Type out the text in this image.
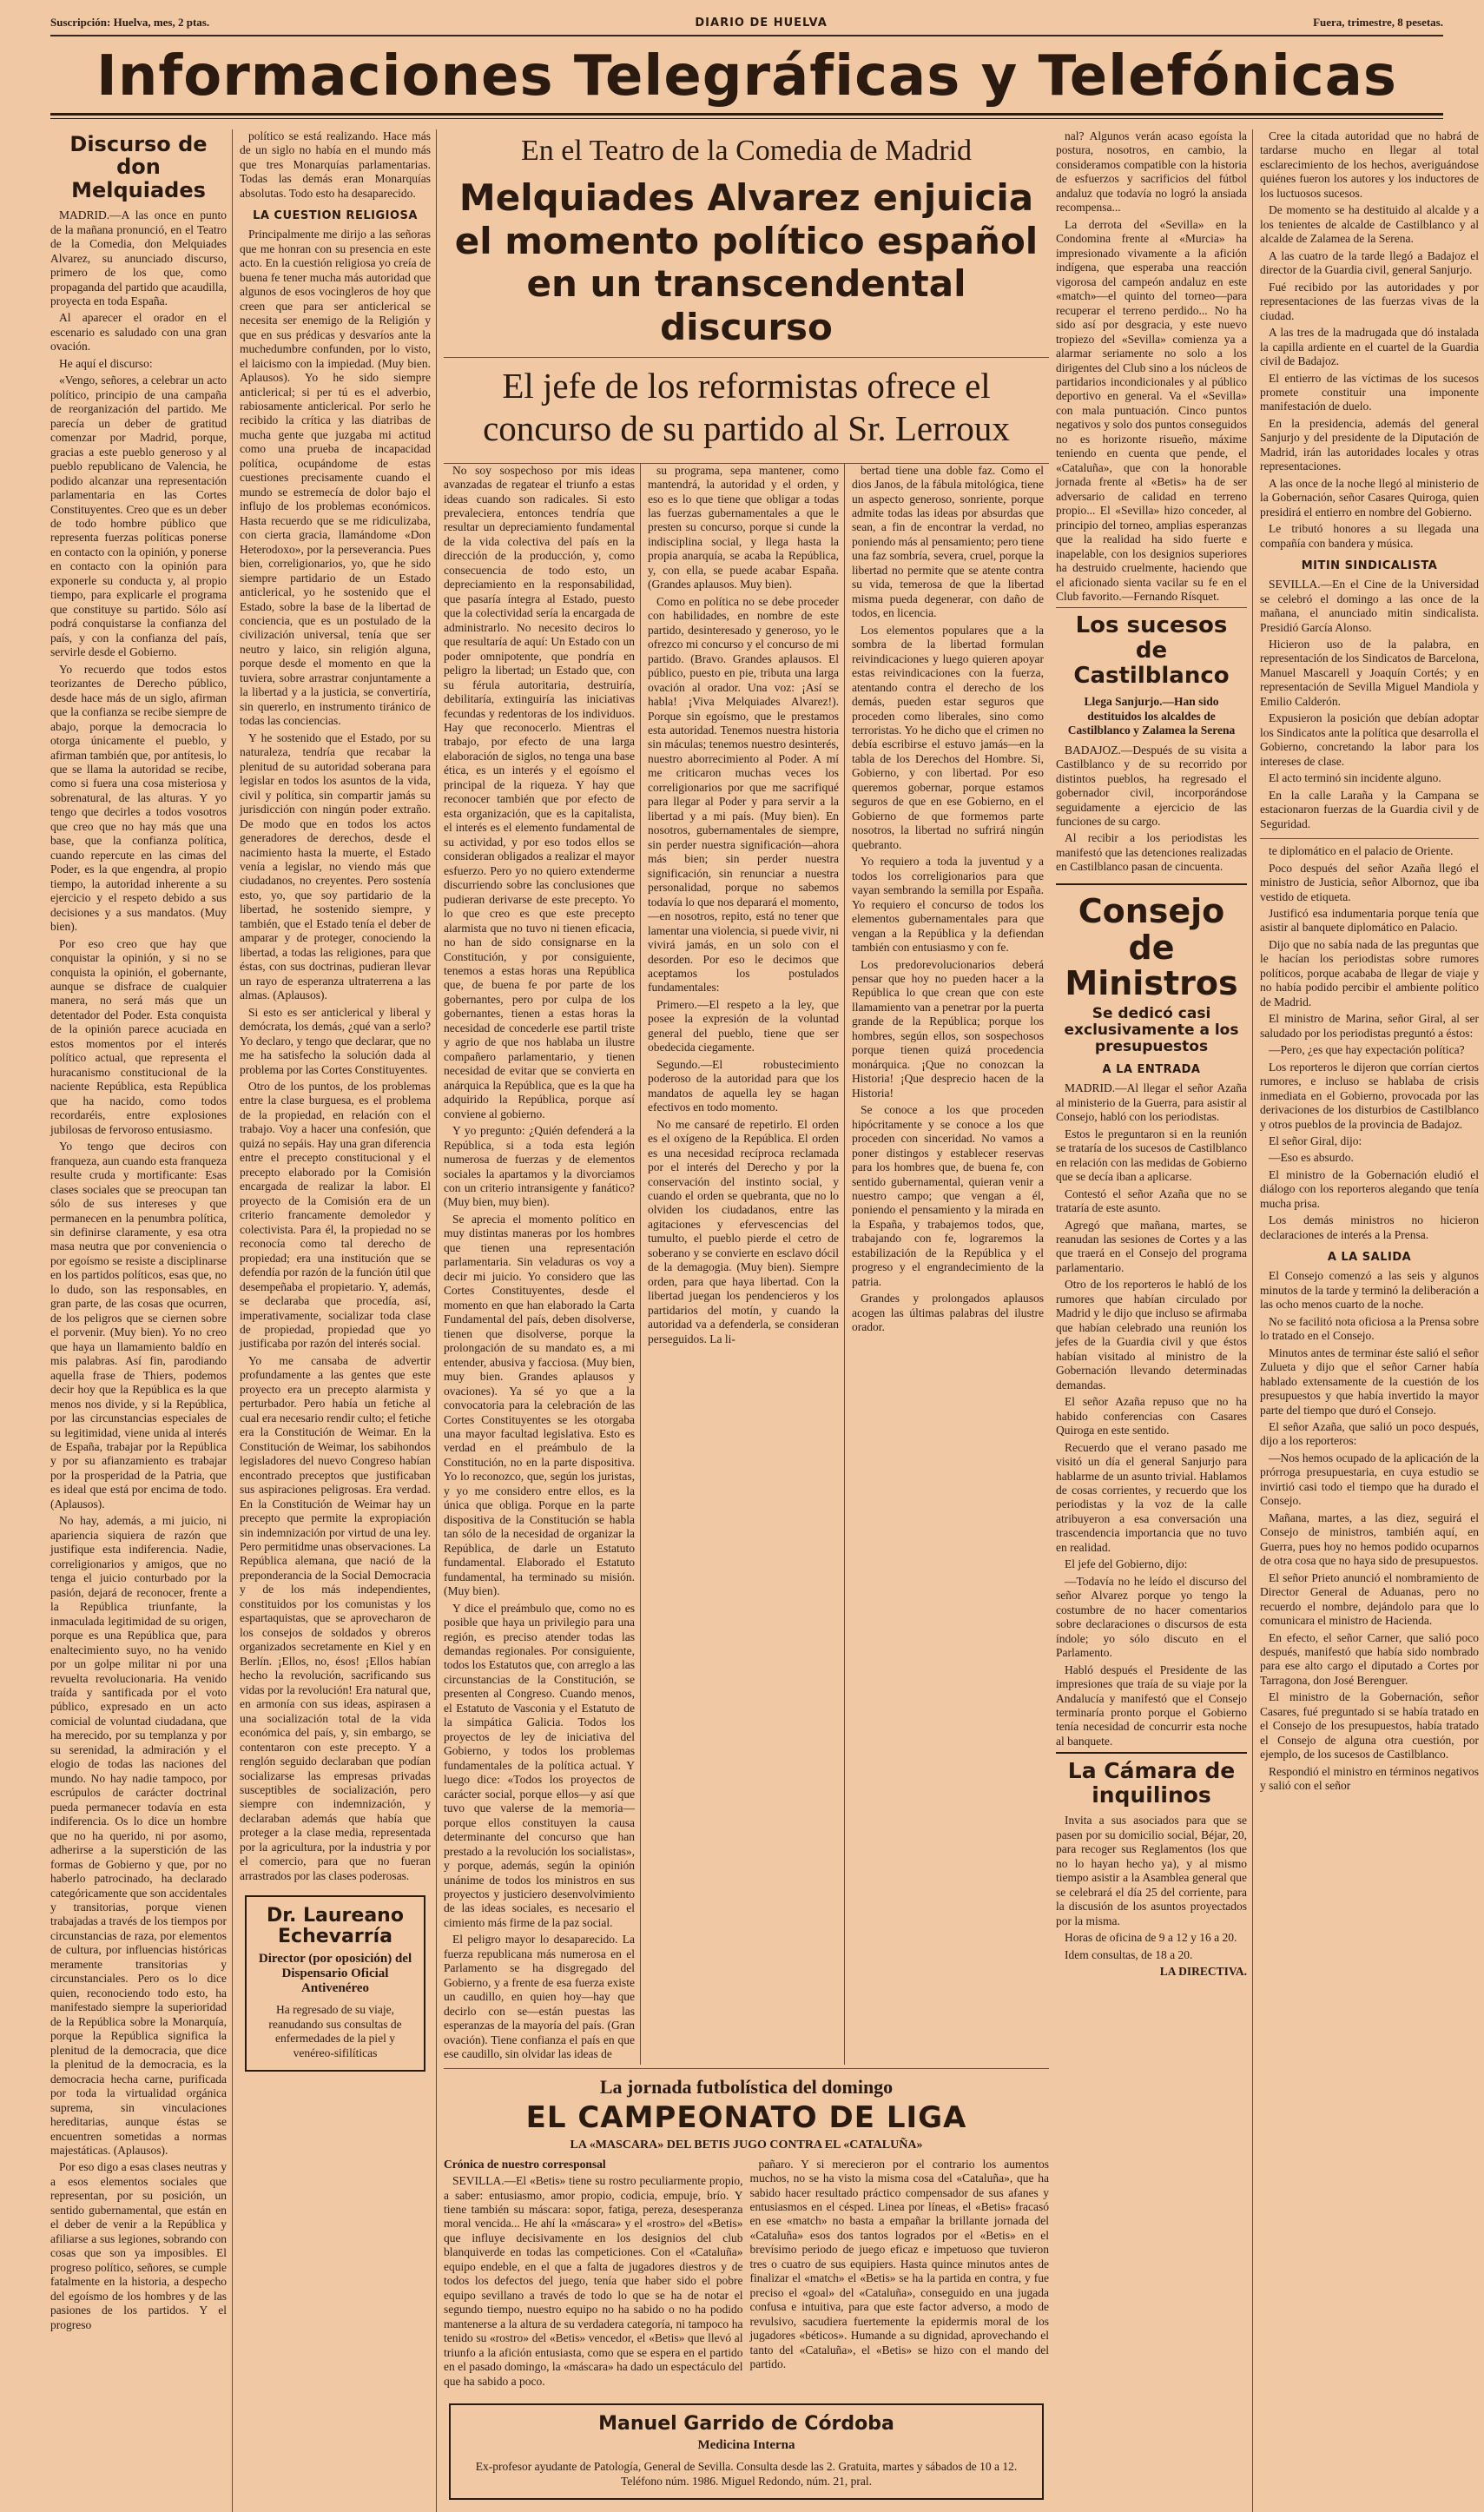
Suscripción: Huelva, mes, 2 ptas.	DIARIO DE HUELVA	Fuera, trimestre, 8 pesetas.
Informaciones Telegráficas y Telefónicas
Discurso de don Melquiades

MADRID.—A las once en punto de la mañana pronunció, en el Teatro de la Comedia, don Melquiades Alvarez, su anunciado discurso, primero de los que, como propaganda del partido que acaudilla, proyecta en toda España.

Al aparecer el orador en el escenario es saludado con una gran ovación.

He aquí el discurso:

«Vengo, señores, a celebrar un acto político, principio de una campaña de reorganización del partido. Me parecía un deber de gratitud comenzar por Madrid, porque, gracias a este pueblo generoso y al pueblo republicano de Valencia, he podido alcanzar una representación parlamentaria en las Cortes Constituyentes. Creo que es un deber de todo hombre público que representa fuerzas políticas ponerse en contacto con la opinión, y ponerse en contacto con la opinión para exponerle su conducta y, al propio tiempo, para explicarle el programa que constituye su partido. Sólo así podrá conquistarse la confianza del país, y con la confianza del país, servirle desde el Gobierno.

Yo recuerdo que todos estos teorizantes de Derecho público, desde hace más de un siglo, afirman que la confianza se recibe siempre de abajo, porque la democracia lo otorga únicamente el pueblo, y afirman también que, por antítesis, lo que se llama la autoridad se recibe, como si fuera una cosa misteriosa y sobrenatural, de las alturas. Y yo tengo que decirles a todos vosotros que creo que no hay más que una base, que la confianza política, cuando repercute en las cimas del Poder, es la que engendra, al propio tiempo, la autoridad inherente a su ejercicio y el respeto debido a sus decisiones y a sus mandatos. (Muy bien).

Por eso creo que hay que conquistar la opinión, y si no se conquista la opinión, el gobernante, aunque se disfrace de cualquier manera, no será más que un detentador del Poder. Esta conquista de la opinión parece acuciada en estos momentos por el interés político actual, que representa el huracanismo constitucional de la naciente República, esta República que ha nacido, como todos recordaréis, entre explosiones jubilosas de fervoroso entusiasmo.

Yo tengo que deciros con franqueza, aun cuando esta franqueza resulte cruda y mortificante: Esas clases sociales que se preocupan tan sólo de sus intereses y que permanecen en la penumbra política, sin definirse claramente, y esa otra masa neutra que por conveniencia o por egoísmo se resiste a disciplinarse en los partidos políticos, esas que, no lo dudo, son las responsables, en gran parte, de las cosas que ocurren, de los peligros que se ciernen sobre el porvenir. (Muy bien). Yo no creo que haya un llamamiento baldío en mis palabras. Así fin, parodiando aquella frase de Thiers, podemos decir hoy que la República es la que menos nos divide, y si la República, por las circunstancias especiales de su legitimidad, viene unida al interés de España, trabajar por la República y por su afianzamiento es trabajar por la prosperidad de la Patria, que es ideal que está por encima de todo. (Aplausos).

No hay, además, a mi juicio, ni apariencia siquiera de razón que justifique esta indiferencia. Nadie, correligionarios y amigos, que no tenga el juicio conturbado por la pasión, dejará de reconocer, frente a la República triunfante, la inmaculada legitimidad de su origen, porque es una República que, para enaltecimiento suyo, no ha venido por un golpe militar ni por una revuelta revolucionaria. Ha venido traída y santificada por el voto público, expresado en un acto comicial de voluntad ciudadana, que ha merecido, por su templanza y por su serenidad, la admiración y el elogio de todas las naciones del mundo. No hay nadie tampoco, por escrúpulos de carácter doctrinal pueda permanecer todavía en esta indiferencia. Os lo dice un hombre que no ha querido, ni por asomo, adherirse a la superstición de las formas de Gobierno y que, por no haberlo patrocinado, ha declarado categóricamente que son accidentales y transitorias, porque vienen trabajadas a través de los tiempos por circunstancias de raza, por elementos de cultura, por influencias históricas meramente transitorias y circunstanciales. Pero os lo dice quien, reconociendo todo esto, ha manifestado siempre la superioridad de la República sobre la Monarquía, porque la República significa la plenitud de la democracia, que dice la plenitud de la democracia, es la democracia hecha carne, purificada por toda la virtualidad orgánica suprema, sin vinculaciones hereditarias, aunque éstas se encuentren sometidas a normas majestáticas. (Aplausos).

Por eso digo a esas clases neutras y a esos elementos sociales que representan, por su posición, un sentido gubernamental, que están en el deber de venir a la República y afiliarse a sus legiones, sobrando con cosas que son ya imposibles. El progreso político, señores, se cumple fatalmente en la historia, a despecho del egoísmo de los hombres y de las pasiones de los partidos. Y el progreso

político se está realizando. Hace más de un siglo no había en el mundo más que tres Monarquías parlamentarias. Todas las demás eran Monarquías absolutas. Todo esto ha desaparecido.

LA CUESTION RELIGIOSA

Principalmente me dirijo a las señoras que me honran con su presencia en este acto. En la cuestión religiosa yo creía de buena fe tener mucha más autoridad que algunos de esos vocingleros de hoy que creen que para ser anticlerical se necesita ser enemigo de la Religión y que en sus prédicas y desvaríos ante la muchedumbre confunden, por lo visto, el laicismo con la impiedad. (Muy bien. Aplausos). Yo he sido siempre anticlerical; si per tú es el adverbio, rabiosamente anticlerical. Por serlo he recibido la crítica y las diatribas de mucha gente que juzgaba mi actitud como una prueba de incapacidad política, ocupándome de estas cuestiones precisamente cuando el mundo se estremecía de dolor bajo el influjo de los problemas económicos. Hasta recuerdo que se me ridiculizaba, con cierta gracia, llamándome «Don Heterodoxo», por la perseverancia. Pues bien, correligionarios, yo, que he sido siempre partidario de un Estado anticlerical, yo he sostenido que el Estado, sobre la base de la libertad de conciencia, que es un postulado de la civilización universal, tenía que ser neutro y laico, sin religión alguna, porque desde el momento en que la tuviera, sobre arrastrar conjuntamente a la libertad y a la justicia, se convertiría, sin quererlo, en instrumento tiránico de todas las conciencias.

Y he sostenido que el Estado, por su naturaleza, tendría que recabar la plenitud de su autoridad soberana para legislar en todos los asuntos de la vida, civil y política, sin compartir jamás su jurisdicción con ningún poder extraño. De modo que en todos los actos generadores de derechos, desde el nacimiento hasta la muerte, el Estado venía a legislar, no viendo más que ciudadanos, no creyentes. Pero sostenía esto, yo, que soy partidario de la libertad, he sostenido siempre, y también, que el Estado tenía el deber de amparar y de proteger, conociendo la libertad, a todas las religiones, para que éstas, con sus doctrinas, pudieran llevar un rayo de esperanza ultraterrena a las almas. (Aplausos).

Si esto es ser anticlerical y liberal y demócrata, los demás, ¿qué van a serlo? Yo declaro, y tengo que declarar, que no me ha satisfecho la solución dada al problema por las Cortes Constituyentes.

Otro de los puntos, de los problemas entre la clase burguesa, es el problema de la propiedad, en relación con el trabajo. Voy a hacer una confesión, que quizá no sepáis. Hay una gran diferencia entre el precepto constitucional y el precepto elaborado por la Comisión encargada de realizar la labor. El proyecto de la Comisión era de un criterio francamente demoledor y colectivista. Para él, la propiedad no se reconocía como tal derecho de propiedad; era una institución que se defendía por razón de la función útil que desempeñaba el propietario. Y, además, se declaraba que procedía, así, imperativamente, socializar toda clase de propiedad, propiedad que yo justificaba por razón del interés social.

Yo me cansaba de advertir profundamente a las gentes que este proyecto era un precepto alarmista y perturbador. Pero había un fetiche al cual era necesario rendir culto; el fetiche era la Constitución de Weimar. En la Constitución de Weimar, los sabihondos legisladores del nuevo Congreso habían encontrado preceptos que justificaban sus aspiraciones peligrosas. Era verdad. En la Constitución de Weimar hay un precepto que permite la expropiación sin indemnización por virtud de una ley. Pero permitidme unas observaciones. La República alemana, que nació de la preponderancia de la Social Democracia y de los más independientes, constituidos por los comunistas y los espartaquistas, que se aprovecharon de los consejos de soldados y obreros organizados secretamente en Kiel y en Berlín. ¡Ellos, no, ésos! ¡Ellos habían hecho la revolución, sacrificando sus vidas por la revolución! Era natural que, en armonía con sus ideas, aspirasen a una socialización total de la vida económica del país, y, sin embargo, se contentaron con este precepto. Y a renglón seguido declaraban que podían socializarse las empresas privadas susceptibles de socialización, pero siempre con indemnización, y declaraban además que había que proteger a la clase media, representada por la agricultura, por la industria y por el comercio, para que no fueran arrastrados por las clases poderosas.

Dr. Laureano Echevarría
Director (por oposición) del Dispensario Oficial Antivenéreo
Ha regresado de su viaje, reanudando sus consultas de enfermedades de la piel y venéreo-sifilíticas
En el Teatro de la Comedia de Madrid
Melquiades Alvarez enjuicia el momento político español en un transcendental discurso
El jefe de los reformistas ofrece el concurso de su partido al Sr. Lerroux

No soy sospechoso por mis ideas avanzadas de regatear el triunfo a estas ideas cuando son radicales. Si esto prevaleciera, entonces tendría que resultar un depreciamiento fundamental de la vida colectiva del país en la dirección de la producción, y, como consecuencia de todo esto, un depreciamiento en la responsabilidad, que pasaría íntegra al Estado, puesto que la colectividad sería la encargada de administrarlo. No necesito deciros lo que resultaría de aquí: Un Estado con un poder omnipotente, que pondría en peligro la libertad; un Estado que, con su férula autoritaria, destruiría, debilitaría, extinguiría las iniciativas fecundas y redentoras de los individuos. Hay que reconocerlo. Mientras el trabajo, por efecto de una larga elaboración de siglos, no tenga una base ética, es un interés y el egoísmo el principal de la riqueza. Y hay que reconocer también que por efecto de esta organización, que es la capitalista, el interés es el elemento fundamental de su actividad, y por eso todos ellos se consideran obligados a realizar el mayor esfuerzo. Pero yo no quiero extenderme discurriendo sobre las conclusiones que pudieran derivarse de este precepto. Yo lo que creo es que este precepto alarmista que no tuvo ni tienen eficacia, no han de sido consignarse en la Constitución, y por consiguiente, tenemos a estas horas una República que, de buena fe por parte de los gobernantes, pero por culpa de los gobernantes, tienen a estas horas la necesidad de concederle ese partil triste y agrio de que nos hablaba un ilustre compañero parlamentario, y tienen necesidad de evitar que se convierta en anárquica la República, que es la que ha adquirido la República, porque así conviene al gobierno.

Y yo pregunto: ¿Quién defenderá a la República, si a toda esta legión numerosa de fuerzas y de elementos sociales la apartamos y la divorciamos con un criterio intransigente y fanático? (Muy bien, muy bien).

Se aprecia el momento político en muy distintas maneras por los hombres que tienen una representación parlamentaria. Sin veladuras os voy a decir mi juicio. Yo considero que las Cortes Constituyentes, desde el momento en que han elaborado la Carta Fundamental del país, deben disolverse, tienen que disolverse, porque la prolongación de su mandato es, a mi entender, abusiva y facciosa. (Muy bien, muy bien. Grandes aplausos y ovaciones). Ya sé yo que a la convocatoria para la celebración de las Cortes Constituyentes se les otorgaba una mayor facultad legislativa. Esto es verdad en el preámbulo de la Constitución, no en la parte dispositiva. Yo lo reconozco, que, según los juristas, y yo me considero entre ellos, es la única que obliga. Porque en la parte dispositiva de la Constitución se habla tan sólo de la necesidad de organizar la República, de darle un Estatuto fundamental. Elaborado el Estatuto fundamental, ha terminado su misión. (Muy bien).

Y dice el preámbulo que, como no es posible que haya un privilegio para una región, es preciso atender todas las demandas regionales. Por consiguiente, todos los Estatutos que, con arreglo a las circunstancias de la Constitución, se presenten al Congreso. Cuando menos, el Estatuto de Vasconia y el Estatuto de la simpática Galicia. Todos los proyectos de ley de iniciativa del Gobierno, y todos los problemas fundamentales de la política actual. Y luego dice: «Todos los proyectos de carácter social, porque ellos—y así que tuvo que valerse de la memoria—porque ellos constituyen la causa determinante del concurso que han prestado a la revolución los socialistas», y porque, además, según la opinión unánime de todos los ministros en sus proyectos y justiciero desenvolvimiento de las ideas sociales, es necesario el cimiento más firme de la paz social.

El peligro mayor lo desaparecido. La fuerza republicana más numerosa en el Parlamento se ha disgregado del Gobierno, y a frente de esa fuerza existe un caudillo, en quien hoy—hay que decirlo con se—están puestas las esperanzas de la mayoría del país. (Gran ovación). Tiene confianza el país en que ese caudillo, sin olvidar las ideas de

su programa, sepa mantener, como mantendrá, la autoridad y el orden, y eso es lo que tiene que obligar a todas las fuerzas gubernamentales a que le presten su concurso, porque si cunde la indisciplina social, y llega hasta la propia anarquía, se acaba la República, y, con ella, se puede acabar España. (Grandes aplausos. Muy bien).

Como en política no se debe proceder con habilidades, en nombre de este partido, desinteresado y generoso, yo le ofrezco mi concurso y el concurso de mi partido. (Bravo. Grandes aplausos. El público, puesto en pie, tributa una larga ovación al orador. Una voz: ¡Así se habla! ¡Viva Melquiades Alvarez!). Porque sin egoísmo, que le prestamos esta autoridad. Tenemos nuestra historia sin máculas; tenemos nuestro desinterés, nuestro aborrecimiento al Poder. A mí me criticaron muchas veces los correligionarios por que me sacrifiqué para llegar al Poder y para servir a la libertad y a mi país. (Muy bien). En nosotros, gubernamentales de siempre, sin perder nuestra significación—ahora más bien; sin perder nuestra significación, sin renunciar a nuestra personalidad, porque no sabemos todavía lo que nos deparará el momento, —en nosotros, repito, está no tener que lamentar una violencia, si puede vivir, ni vivirá jamás, en un solo con el desorden. Por eso le decimos que aceptamos los postulados fundamentales:

Primero.—El respeto a la ley, que posee la expresión de la voluntad general del pueblo, tiene que ser obedecida ciegamente.

Segundo.—El robustecimiento poderoso de la autoridad para que los mandatos de aquella ley se hagan efectivos en todo momento.

No me cansaré de repetirlo. El orden es el oxígeno de la República. El orden es una necesidad recíproca reclamada por el interés del Derecho y por la conservación del instinto social, y cuando el orden se quebranta, que no lo olviden los ciudadanos, entre las agitaciones y efervescencias del tumulto, el pueblo pierde el cetro de soberano y se convierte en esclavo dócil de la demagogia. (Muy bien). Siempre orden, para que haya libertad. Con la libertad juegan los pendencieros y los partidarios del motín, y cuando la autoridad va a defenderla, se consideran perseguidos. La li-

bertad tiene una doble faz. Como el dios Janos, de la fábula mitológica, tiene un aspecto generoso, sonriente, porque admite todas las ideas por absurdas que sean, a fin de encontrar la verdad, no poniendo más al pensamiento; pero tiene una faz sombría, severa, cruel, porque la libertad no permite que se atente contra su vida, temerosa de que la libertad misma pueda degenerar, con daño de todos, en licencia.

Los elementos populares que a la sombra de la libertad formulan reivindicaciones y luego quieren apoyar estas reivindicaciones con la fuerza, atentando contra el derecho de los demás, pueden estar seguros que proceden como liberales, sino como terroristas. Yo he dicho que el crimen no debía escribirse el estuvo jamás—en la tabla de los Derechos del Hombre. Si, Gobierno, y con libertad. Por eso queremos gobernar, porque estamos seguros de que en ese Gobierno, en el Gobierno de que formemos parte nosotros, la libertad no sufrirá ningún quebranto.

Yo requiero a toda la juventud y a todos los correligionarios para que vayan sembrando la semilla por España. Yo requiero el concurso de todos los elementos gubernamentales para que vengan a la República y la defiendan también con entusiasmo y con fe.

Los predorevolucionarios deberá pensar que hoy no pueden hacer a la República lo que crean que con este llamamiento van a penetrar por la puerta grande de la República; porque los hombres, según ellos, son sospechosos porque tienen quizá procedencia monárquica. ¡Que no conozcan la Historia! ¡Que desprecio hacen de la Historia!

Se conoce a los que proceden hipócritamente y se conoce a los que proceden con sinceridad. No vamos a poner distingos y establecer reservas para los hombres que, de buena fe, con sentido gubernamental, quieran venir a nuestro campo; que vengan a él, poniendo el pensamiento y la mirada en la España, y trabajemos todos, que, trabajando con fe, lograremos la estabilización de la República y el progreso y el engrandecimiento de la patria.

Grandes y prolongados aplausos acogen las últimas palabras del ilustre orador.

La jornada futbolística del domingo
EL CAMPEONATO DE LIGA
LA «MASCARA» DEL BETIS JUGO CONTRA EL «CATALUÑA»

Crónica de nuestro corresponsal

SEVILLA.—El «Betis» tiene su rostro peculiarmente propio, a saber: entusiasmo, amor propio, codicia, empuje, brío. Y tiene también su máscara: sopor, fatiga, pereza, desesperanza moral vencida... He ahí la «máscara» y el «rostro» del «Betis» que influye decisivamente en los designios del club blanquiverde en todas las competiciones. Con el «Cataluña» equipo endeble, en el que a falta de jugadores diestros y de todos los defectos del juego, tenía que haber sido el pobre equipo sevillano a través de todo lo que se ha de notar el segundo tiempo, nuestro equipo no ha sabido o no ha podido mantenerse a la altura de su verdadera categoría, ni tampoco ha tenido su «rostro» del «Betis» vencedor, el «Betis» que llevó al triunfo a la afición entusiasta, como que se espera en el partido en el pasado domingo, la «máscara» ha dado un espectáculo del que ha sabido a poco.

pañaro. Y si merecieron por el contrario los aumentos muchos, no se ha visto la misma cosa del «Cataluña», que ha sabido hacer resultado práctico compensador de sus afanes y entusiasmos en el césped. Linea por líneas, el «Betis» fracasó en ese «match» no basta a empañar la brillante jornada del «Cataluña» esos dos tantos logrados por el «Betis» en el brevísimo periodo de juego eficaz e impetuoso que tuvieron tres o cuatro de sus equipiers. Hasta quince minutos antes de finalizar el «match» el «Betis» se ha la partida en contra, y fue preciso el «goal» del «Cataluña», conseguido en una jugada confusa e intuitiva, para que este factor adverso, a modo de revulsivo, sacudiera fuertemente la epidermis moral de los jugadores «béticos». Humande a su dignidad, aprovechando el tanto del «Cataluña», el «Betis» se hizo con el mando del partido.

Manuel Garrido de Córdoba
Medicina Interna
Ex-profesor ayudante de Patología, General de Sevilla. Consulta desde las 2. Gratuita, martes y sábados de 10 a 12. Teléfono núm. 1986. Miguel Redondo, núm. 21, pral.

nal? Algunos verán acaso egoísta la postura, nosotros, en cambio, la consideramos compatible con la historia de esfuerzos y sacrificios del fútbol andaluz que todavía no logró la ansiada recompensa...

La derrota del «Sevilla» en la Condomina frente al «Murcia» ha impresionado vivamente a la afición indígena, que esperaba una reacción vigorosa del campeón andaluz en este «match»—el quinto del torneo—para recuperar el terreno perdido... No ha sido así por desgracia, y este nuevo tropiezo del «Sevilla» comienza ya a alarmar seriamente no solo a los dirigentes del Club sino a los núcleos de partidarios incondicionales y al público deportivo en general. Va el «Sevilla» con mala puntuación. Cinco puntos negativos y solo dos puntos conseguidos no es horizonte risueño, máxime teniendo en cuenta que pende, el «Cataluña», que con la honorable jornada frente al «Betis» ha de ser adversario de calidad en terreno propio... El «Sevilla» hizo conceder, al principio del torneo, amplias esperanzas que la realidad ha sido fuerte e inapelable, con los designios superiores ha destruido cruelmente, haciendo que el aficionado sienta vacilar su fe en el Club favorito.—Fernando Rísquet.

Los sucesos de Castilblanco
Llega Sanjurjo.—Han sido destituidos los alcaldes de Castilblanco y Zalamea la Serena

BADAJOZ.—Después de su visita a Castilblanco y de su recorrido por distintos pueblos, ha regresado el gobernador civil, incorporándose seguidamente a ejercicio de las funciones de su cargo.

Al recibir a los periodistas les manifestó que las detenciones realizadas en Castilblanco pasan de cincuenta.

Consejo de Ministros
Se dedicó casi exclusivamente a los presupuestos
A LA ENTRADA

MADRID.—Al llegar el señor Azaña al ministerio de la Guerra, para asistir al Consejo, habló con los periodistas.

Estos le preguntaron si en la reunión se trataría de los sucesos de Castilblanco en relación con las medidas de Gobierno que se decía iban a aplicarse.

Contestó el señor Azaña que no se trataría de este asunto.

Agregó que mañana, martes, se reanudan las sesiones de Cortes y a las que traerá en el Consejo del programa parlamentario.

Otro de los reporteros le habló de los rumores que habían circulado por Madrid y le dijo que incluso se afirmaba que habían celebrado una reunión los jefes de la Guardia civil y que éstos habían visitado al ministro de la Gobernación llevando determinadas demandas.

El señor Azaña repuso que no ha habido conferencias con Casares Quiroga en este sentido.

Recuerdo que el verano pasado me visitó un día el general Sanjurjo para hablarme de un asunto trivial. Hablamos de cosas corrientes, y recuerdo que los periodistas y la voz de la calle atribuyeron a esa conversación una trascendencia importancia que no tuvo en realidad.

El jefe del Gobierno, dijo:

—Todavía no he leído el discurso del señor Alvarez porque yo tengo la costumbre de no hacer comentarios sobre declaraciones o discursos de esta índole; yo sólo discuto en el Parlamento.

Habló después el Presidente de las impresiones que traía de su viaje por la Andalucía y manifestó que el Consejo terminaría pronto porque el Gobierno tenía necesidad de concurrir esta noche al banquete.

La Cámara de inquilinos

Invita a sus asociados para que se pasen por su domicilio social, Béjar, 20, para recoger sus Reglamentos (los que no lo hayan hecho ya), y al mismo tiempo asistir a la Asamblea general que se celebrará el día 25 del corriente, para la discusión de los asuntos proyectados por la misma.

Horas de oficina de 9 a 12 y 16 a 20.

Idem consultas, de 18 a 20.

LA DIRECTIVA.

Cree la citada autoridad que no habrá de tardarse mucho en llegar al total esclarecimiento de los hechos, averiguándose quiénes fueron los autores y los inductores de los luctuosos sucesos.

De momento se ha destituido al alcalde y a los tenientes de alcalde de Castilblanco y al alcalde de Zalamea de la Serena.

A las cuatro de la tarde llegó a Badajoz el director de la Guardia civil, general Sanjurjo.

Fué recibido por las autoridades y por representaciones de las fuerzas vivas de la ciudad.

A las tres de la madrugada que dó instalada la capilla ardiente en el cuartel de la Guardia civil de Badajoz.

El entierro de las víctimas de los sucesos promete constituir una imponente manifestación de duelo.

En la presidencia, además del general Sanjurjo y del presidente de la Diputación de Madrid, irán las autoridades locales y otras representaciones.

A las once de la noche llegó al ministerio de la Gobernación, señor Casares Quiroga, quien presidirá el entierro en nombre del Gobierno.

Le tributó honores a su llegada una compañía con bandera y música.

MITIN SINDICALISTA

SEVILLA.—En el Cine de la Universidad se celebró el domingo a las once de la mañana, el anunciado mitin sindicalista. Presidió García Alonso.

Hicieron uso de la palabra, en representación de los Sindicatos de Barcelona, Manuel Mascarell y Joaquín Cortés; y en representación de Sevilla Miguel Mandiola y Emilio Calderón.

Expusieron la posición que debían adoptar los Sindicatos ante la política que desarrolla el Gobierno, concretando la labor para los intereses de clase.

El acto terminó sin incidente alguno.

En la calle Laraña y la Campana se estacionaron fuerzas de la Guardia civil y de Seguridad.

te diplomático en el palacio de Oriente.

Poco después del señor Azaña llegó el ministro de Justicia, señor Albornoz, que iba vestido de etiqueta.

Justificó esa indumentaria porque tenía que asistir al banquete diplomático en Palacio.

Dijo que no sabía nada de las preguntas que le hacían los periodistas sobre rumores políticos, porque acababa de llegar de viaje y no había podido percibir el ambiente político de Madrid.

El ministro de Marina, señor Giral, al ser saludado por los periodistas preguntó a éstos:

—Pero, ¿es que hay expectación política?

Los reporteros le dijeron que corrían ciertos rumores, e incluso se hablaba de crisis inmediata en el Gobierno, provocada por las derivaciones de los disturbios de Castilblanco y otros pueblos de la provincia de Badajoz.

El señor Giral, dijo:

—Eso es absurdo.

El ministro de la Gobernación eludió el diálogo con los reporteros alegando que tenía mucha prisa.

Los demás ministros no hicieron declaraciones de interés a la Prensa.

A LA SALIDA

El Consejo comenzó a las seis y algunos minutos de la tarde y terminó la deliberación a las ocho menos cuarto de la noche.

No se facilitó nota oficiosa a la Prensa sobre lo tratado en el Consejo.

Minutos antes de terminar éste salió el señor Zulueta y dijo que el señor Carner había hablado extensamente de la cuestión de los presupuestos y que había invertido la mayor parte del tiempo que duró el Consejo.

El señor Azaña, que salió un poco después, dijo a los reporteros:

—Nos hemos ocupado de la aplicación de la prórroga presupuestaria, en cuya estudio se invirtió casi todo el tiempo que ha durado el Consejo.

Mañana, martes, a las diez, seguirá el Consejo de ministros, también aquí, en Guerra, pues hoy no hemos podido ocuparnos de otra cosa que no haya sido de presupuestos.

El señor Prieto anunció el nombramiento de Director General de Aduanas, pero no recuerdo el nombre, dejándolo para que lo comunicara el ministro de Hacienda.

En efecto, el señor Carner, que salió poco después, manifestó que había sido nombrado para ese alto cargo el diputado a Cortes por Tarragona, don José Berenguer.

El ministro de la Gobernación, señor Casares, fué preguntado si se había tratado en el Consejo de los presupuestos, había tratado el Consejo de alguna otra cuestión, por ejemplo, de los sucesos de Castilblanco.

Respondió el ministro en términos negativos y salió con el señor
